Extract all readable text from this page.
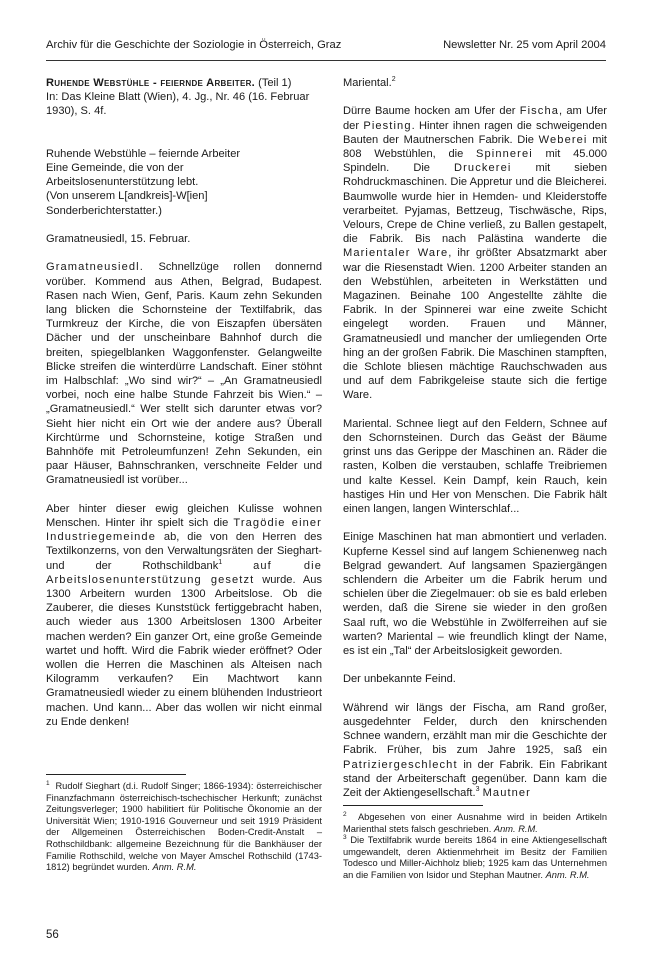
Archiv für die Geschichte der Soziologie in Österreich, Graz	Newsletter Nr. 25 vom April 2004
Ruhende Webstühle - feiernde Arbeiter. (Teil 1)
In: Das Kleine Blatt (Wien), 4. Jg., Nr. 46 (16. Februar 1930), S. 4f.
Ruhende Webstühle – feiernde Arbeiter
Eine Gemeinde, die von der
Arbeitslosenunterstützung lebt.
(Von unserem L[andkreis]-W[ien]
Sonderberichterstatter.)
Gramatneusiedl, 15. Februar.
Gramatneusiedl. Schnellzüge rollen donnernd vorüber. Kommend aus Athen, Belgrad, Budapest. Rasen nach Wien, Genf, Paris. Kaum zehn Sekunden lang blicken die Schornsteine der Textilfabrik, das Turmkreuz der Kirche, die von Eiszapfen übersäten Dächer und der unscheinbare Bahnhof durch die breiten, spiegelblanken Waggonfenster. Gelangweilte Blicke streifen die winterdürre Landschaft. Einer stöhnt im Halbschlaf: „Wo sind wir?“ – „An Gramatneusiedl vorbei, noch eine halbe Stunde Fahrzeit bis Wien.“ – „Gramatneusiedl.“ Wer stellt sich darunter etwas vor? Sieht hier nicht ein Ort wie der andere aus? Überall Kirchtürme und Schornsteine, kotige Straßen und Bahnhöfe mit Petroleumfunzen! Zehn Sekunden, ein paar Häuser, Bahnschranken, verschneite Felder und Gramatneusiedl ist vorüber...
Aber hinter dieser ewig gleichen Kulisse wohnen Menschen. Hinter ihr spielt sich die Tragödie einer Industriegemeinde ab, die von den Herren des Textilkonzerns, von den Verwaltungsräten der Sieghart- und der Rothschildbank$^1$	auf die Arbeitslosenunterstützung gesetzt wurde. Aus 1300 Arbeitern wurden 1300 Arbeitslose. Ob die Zauberer, die dieses Kunststück fertiggebracht haben, auch wieder aus 1300 Arbeitslosen 1300 Arbeiter machen werden? Ein ganzer Ort, eine große Gemeinde wartet und hofft. Wird die Fabrik wieder eröffnet? Oder wollen die Herren die Maschinen als Alteisen nach Kilogramm verkaufen? Ein Machtwort kann Gramatneusiedl wieder zu einem blühenden Industrieort machen. Und kann... Aber das wollen wir nicht einmal zu Ende denken!
Mariental.$^2$
Dürre Baume hocken am Ufer der Fischa, am Ufer der Piesting. Hinter ihnen ragen die schweigenden Bauten der Mautnerschen Fabrik. Die Weberei mit 808 Webstühlen, die Spinnerei mit 45.000 Spindeln. Die Druckerei mit sieben Rohdruckmaschinen. Die Appretur und die Bleicherei. Baumwolle wurde hier in Hemden- und Kleiderstoffe verarbeitet. Pyjamas, Bettzeug, Tischwäsche, Rips, Velours, Crepe de Chine verließ, zu Ballen gestapelt, die Fabrik. Bis nach Palästina wanderte die Marientaler Ware, ihr größter Absatzmarkt aber war die Riesenstadt Wien. 1200 Arbeiter standen an den Webstühlen, arbeiteten in Werkstätten und Magazinen. Beinahe 100 Angestellte zählte die Fabrik. In der Spinnerei war eine zweite Schicht eingelegt worden. Frauen und Männer, Gramatneusiedl und mancher der umliegenden Orte hing an der großen Fabrik. Die Maschinen stampften, die Schlote bliesen mächtige Rauchschwaden aus und auf dem Fabrikgeleise staute sich die fertige Ware.
Mariental. Schnee liegt auf den Feldern, Schnee auf den Schornsteinen. Durch das Geäst der Bäume grinst uns das Gerippe der Maschinen an. Räder die rasten, Kolben die verstauben, schlaffe Treibriemen und kalte Kessel. Kein Dampf, kein Rauch, kein hastiges Hin und Her von Menschen. Die Fabrik hält einen langen, langen Winterschlaf...
Einige Maschinen hat man abmontiert und verladen. Kupferne Kessel sind auf langem Schienenweg nach Belgrad gewandert. Auf langsamen Spaziergängen schlendern die Arbeiter um die Fabrik herum und schielen über die Ziegelmauer: ob sie es bald erleben werden, daß die Sirene sie wieder in den großen Saal ruft, wo die Webstühle in Zwölferreihen auf sie warten? Mariental – wie freundlich klingt der Name, es ist ein „Tal“ der Arbeitslosigkeit geworden.
Der unbekannte Feind.
Während wir längs der Fischa, am Rand großer, ausgedehnter Felder, durch den knirschenden Schnee wandern, erzählt man mir die Geschichte der Fabrik. Früher, bis zum Jahre 1925, saß ein Patriziergeschlecht in der Fabrik. Ein Fabrikant stand der Arbeiterschaft gegenüber. Dann kam die Zeit der Aktiengesellschaft.$^3$ Mautner
$^1$ Rudolf Sieghart (d.i. Rudolf Singer; 1866-1934): österreichischer Finanzfachmann österreichisch-tschechischer Herkunft; zunächst Zeitungsverleger; 1900 habilitiert für Politische Ökonomie an der Universität Wien; 1910-1916 Gouverneur und seit 1919 Präsident der Allgemeinen Österreichischen Boden-Credit-Anstalt – Rothschildbank: allgemeine Bezeichnung für die Bankhäuser der Familie Rothschild, welche von Mayer Amschel Rothschild (1743-1812) begründet wurden. Anm. R.M.
$^2$ Abgesehen von einer Ausnahme wird in beiden Artikeln Marienthal stets falsch geschrieben. Anm. R.M.
$^3$ Die Textilfabrik wurde bereits 1864 in eine Aktiengesellschaft umgewandelt, deren Aktienmehrheit im Besitz der Familien Todesco und Miller-Aichholz blieb; 1925 kam das Unternehmen an die Familien von Isidor und Stephan Mautner. Anm. R.M.
56
